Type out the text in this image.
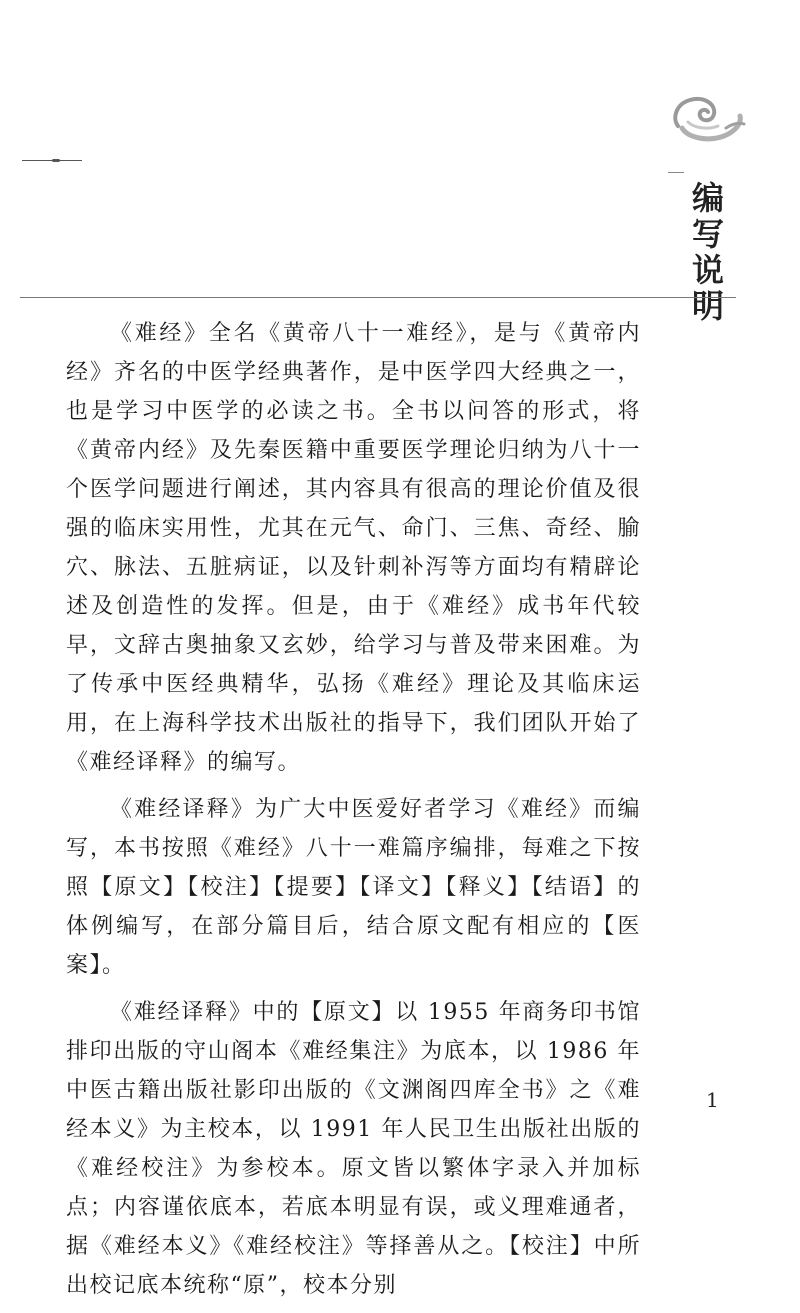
编写说明

《难经》全名《黄帝八十一难经》，是与《黄帝内经》齐名的中医学经典著作，是中医学四大经典之一，也是学习中医学的必读之书。全书以问答的形式，将《黄帝内经》及先秦医籍中重要医学理论归纳为八十一个医学问题进行阐述，其内容具有很高的理论价值及很强的临床实用性，尤其在元气、命门、三焦、奇经、腧穴、脉法、五脏病证，以及针刺补泻等方面均有精辟论述及创造性的发挥。但是，由于《难经》成书年代较早，文辞古奥抽象又玄妙，给学习与普及带来困难。为了传承中医经典精华，弘扬《难经》理论及其临床运用，在上海科学技术出版社的指导下，我们团队开始了《难经译释》的编写。

《难经译释》为广大中医爱好者学习《难经》而编写，本书按照《难经》八十一难篇序编排，每难之下按照【原文】【校注】【提要】【译文】【释义】【结语】的体例编写，在部分篇目后，结合原文配有相应的【医案】。

《难经译释》中的【原文】以 1955 年商务印书馆排印出版的守山阁本《难经集注》为底本，以 1986 年中医古籍出版社影印出版的《文渊阁四库全书》之《难经本义》为主校本，以 1991 年人民卫生出版社出版的《难经校注》为参校本。原文皆以繁体字录入并加标点；内容谨依底本，若底本明显有误，或义理难通者，据《难经本义》《难经校注》等择善从之。【校注】中所出校记底本统称“原”，校本分别

1
